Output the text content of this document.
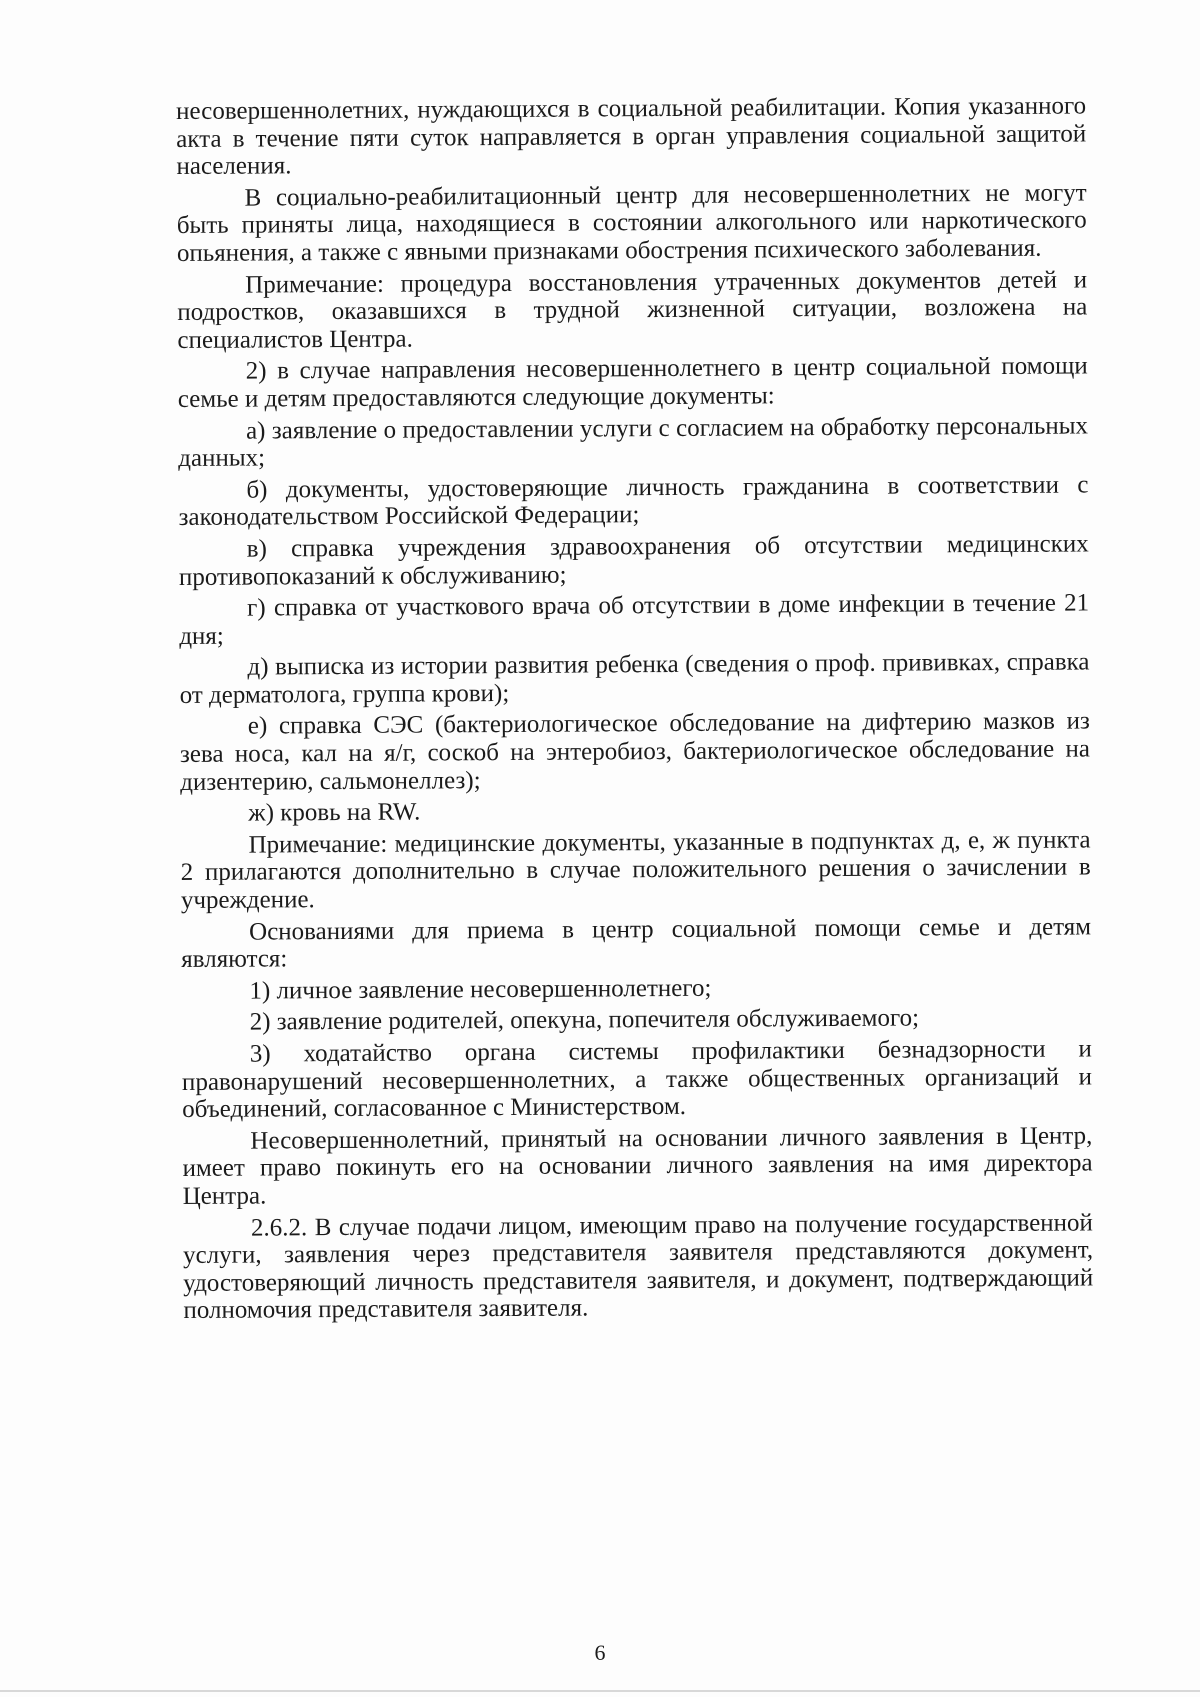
несовершеннолетних, нуждающихся в социальной реабилитации. Копия указанного акта в течение пяти суток направляется в орган управления социальной защитой населения.

В социально-реабилитационный центр для несовершеннолетних не могут быть приняты лица, находящиеся в состоянии алкогольного или наркотического опьянения, а также с явными признаками обострения психического заболевания.

Примечание: процедура восстановления утраченных документов детей и подростков, оказавшихся в трудной жизненной ситуации, возложена на специалистов Центра.

2) в случае направления несовершеннолетнего в центр социальной помощи семье и детям предоставляются следующие документы:

а) заявление о предоставлении услуги с согласием на обработку персональных данных;

б) документы, удостоверяющие личность гражданина в соответствии с законодательством Российской Федерации;

в) справка учреждения здравоохранения об отсутствии медицинских противопоказаний к обслуживанию;

г) справка от участкового врача об отсутствии в доме инфекции в течение 21 дня;

д) выписка из истории развития ребенка (сведения о проф. прививках, справка от дерматолога, группа крови);

е) справка СЭС (бактериологическое обследование на дифтерию мазков из зева носа, кал на я/г, соскоб на энтеробиоз, бактериологическое обследование на дизентерию, сальмонеллез);

ж) кровь на RW.

Примечание: медицинские документы, указанные в подпунктах д, е, ж пункта 2 прилагаются дополнительно в случае положительного решения о зачислении в учреждение.

Основаниями для приема в центр социальной помощи семье и детям являются:

1) личное заявление несовершеннолетнего;

2) заявление родителей, опекуна, попечителя обслуживаемого;

3) ходатайство органа системы профилактики безнадзорности и правонарушений несовершеннолетних, а также общественных организаций и объединений, согласованное с Министерством.

Несовершеннолетний, принятый на основании личного заявления в Центр, имеет право покинуть его на основании личного заявления на имя директора Центра.

2.6.2. В случае подачи лицом, имеющим право на получение государственной услуги, заявления через представителя заявителя представляются документ, удостоверяющий личность представителя заявителя, и документ, подтверждающий полномочия представителя заявителя.

6
